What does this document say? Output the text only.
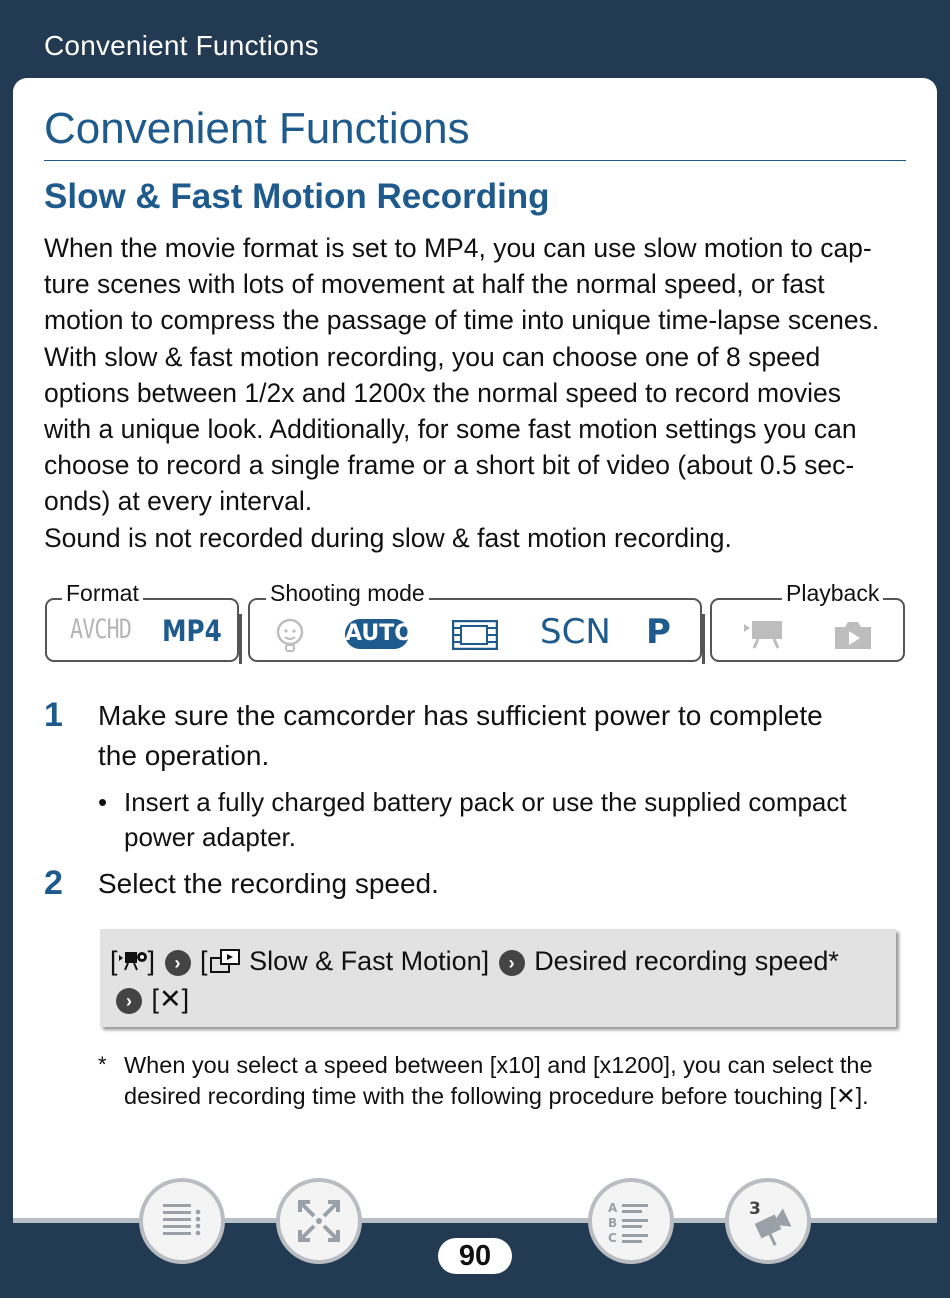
Convenient Functions
Convenient Functions
Slow & Fast Motion Recording

When the movie format is set to MP4, you can use slow motion to cap-

ture scenes with lots of movement at half the normal speed, or fast

motion to compress the passage of time into unique time-lapse scenes.

With slow & fast motion recording, you can choose one of 8 speed

options between 1/2x and 1200x the normal speed to record movies

with a unique look. Additionally, for some fast motion settings you can

choose to record a single frame or a short bit of video (about 0.5 sec-

onds) at every interval.

Sound is not recorded during slow & fast motion recording.

Format	Shooting mode	Playback
AVCHD MP4	AUTO	SCN P
1 Make sure the camcorder has sufficient power to complete
the operation.
• Insert a fully charged battery pack or use the supplied compact
power adapter.
2 Select the recording speed.
[ ] › [ Slow & Fast Motion] › Desired recording speed*
› [✕]
* When you select a speed between [x10] and [x1200], you can select the
desired recording time with the following procedure before touching [✕].
A
B
C
3
90
